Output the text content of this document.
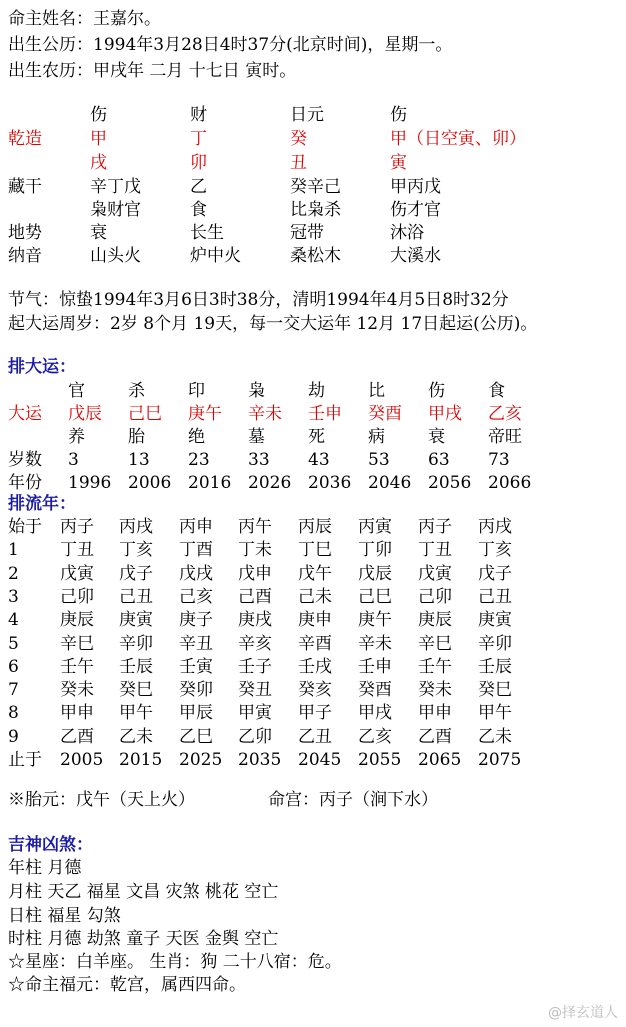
命主姓名：王嘉尔。
出生公历：1994年3月28日4时37分(北京时间)，星期一。
出生农历：甲戌年 二月 十七日 寅时。
伤	财	日元	伤
乾造	甲	丁	癸	甲（日空寅、卯）
戌	卯	丑	寅
藏干	辛丁戊	乙	癸辛己	甲丙戊
枭财官	食	比枭杀	伤才官
地势	衰	长生	冠带	沐浴
纳音	山头火	炉中火	桑松木	大溪水
节气：惊蛰1994年3月6日3时38分，清明1994年4月5日8时32分
起大运周岁：2岁 8个月 19天，每一交大运年 12月 17日起运(公历)。
排大运：
官	杀	印	枭	劫	比	伤	食
大运 戊辰 己巳 庚午 辛未 壬申 癸酉 甲戌 乙亥
养	胎	绝	墓	死	病	衰	帝旺
岁数 3	13 23 33 43 53 63 73
年份 1996 2006 2016 2026 2036 2046 2056 2066
排流年：
始于 丙子 丙戌 丙申 丙午 丙辰 丙寅 丙子 丙戌
1 丁丑 丁亥 丁酉 丁未 丁巳 丁卯 丁丑 丁亥
2 戊寅 戊子 戊戌 戊申 戊午 戊辰 戊寅 戊子
3 己卯 己丑 己亥 己酉 己未 己巳 己卯 己丑
4 庚辰 庚寅 庚子 庚戌 庚申 庚午 庚辰 庚寅
5 辛巳 辛卯 辛丑 辛亥 辛酉 辛未 辛巳 辛卯
6 壬午 壬辰 壬寅 壬子 壬戌 壬申 壬午 壬辰
7 癸未 癸巳 癸卯 癸丑 癸亥 癸酉 癸未 癸巳
8 甲申 甲午 甲辰 甲寅 甲子 甲戌 甲申 甲午
9 乙酉 乙未 乙巳 乙卯 乙丑 乙亥 乙酉 乙未
止于 2005 2015 2025 2035 2045 2055 2065 2075
※胎元：戊午（天上火）	命宫：丙子（涧下水）
吉神凶煞：
年柱 月德
月柱 天乙 福星 文昌 灾煞 桃花 空亡
日柱 福星 勾煞
时柱 月德 劫煞 童子 天医 金舆 空亡
☆星座：白羊座。 生肖：狗 二十八宿：危。
☆命主福元：乾宫，属西四命。
@择玄道人
